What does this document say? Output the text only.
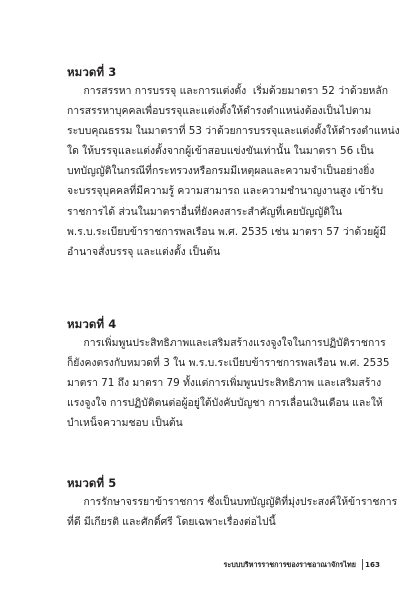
หมวดที่ 3
การสรรหา การบรรจุ และการแต่งตั้ง  เริ่มด้วยมาตรา 52 ว่าด้วยหลัก
การสรรหาบุคคลเพื่อบรรจุและแต่งตั้งให้ดำรงตำแหน่งต้องเป็นไปตาม
ระบบคุณธรรม ในมาตราที่ 53 ว่าด้วยการบรรจุและแต่งตั้งให้ดำรงตำแหน่ง
ใด ให้บรรจุและแต่งตั้งจากผู้เข้าสอบแข่งขันเท่านั้น ในมาตรา 56 เป็น
บทบัญญัติในกรณีที่กระทรวงหรือกรมมีเหตุผลและความจำเป็นอย่างยิ่ง
จะบรรจุบุคคลที่มีความรู้ ความสามารถ และความชำนาญงานสูง เข้ารับ
ราชการได้ ส่วนในมาตราอื่นที่ยังคงสาระสำคัญที่เคยบัญญัติใน
พ.ร.บ.ระเบียบข้าราชการพลเรือน พ.ศ. 2535 เช่น มาตรา 57 ว่าด้วยผู้มี
อำนาจสั่งบรรจุ และแต่งตั้ง เป็นต้น
หมวดที่ 4
การเพิ่มพูนประสิทธิภาพและเสริมสร้างแรงจูงใจในการปฏิบัติราชการ
ก็ยังคงตรงกับหมวดที่ 3 ใน พ.ร.บ.ระเบียบข้าราชการพลเรือน พ.ศ. 2535
มาตรา 71 ถึง มาตรา 79 ทั้งแต่การเพิ่มพูนประสิทธิภาพ และเสริมสร้าง
แรงจูงใจ การปฏิบัติตนต่อผู้อยู่ใต้บังคับบัญชา การเลื่อนเงินเดือน และให้
บำเหน็จความชอบ เป็นต้น
หมวดที่ 5
การรักษาจรรยาข้าราชการ ซึ่งเป็นบทบัญญัติที่มุ่งประสงค์ให้ข้าราชการ
ที่ดี มีเกียรติ และศักดิ์ศรี โดยเฉพาะเรื่องต่อไปนี้
ระบบบริหารราชการของราชอาณาจักรไทย 163
